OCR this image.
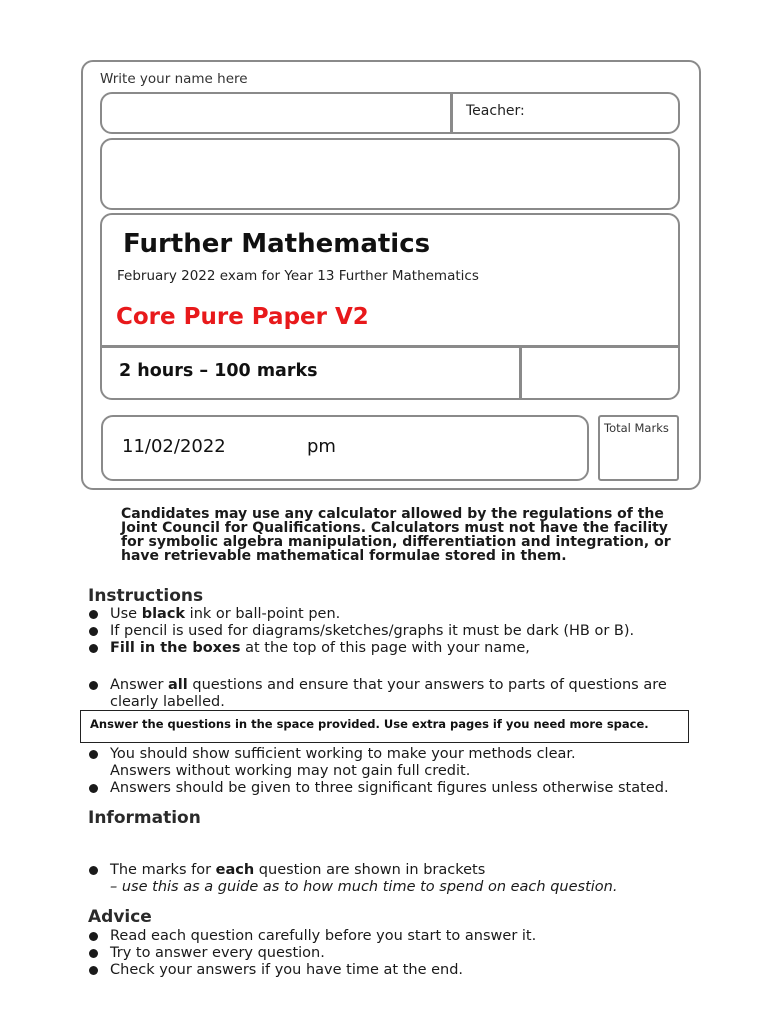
Write your name here
Teacher:
Further Mathematics
February 2022 exam for Year 13 Further Mathematics
Core Pure Paper V2
2 hours – 100 marks
11/02/2022	pm
Total Marks
Candidates may use any calculator allowed by the regulations of the
Joint Council for Qualifications. Calculators must not have the facility
for symbolic algebra manipulation, differentiation and integration, or
have retrievable mathematical formulae stored in them.
Instructions
Use black ink or ball-point pen.
If pencil is used for diagrams/sketches/graphs it must be dark (HB or B).
Fill in the boxes at the top of this page with your name,
Answer all questions and ensure that your answers to parts of questions are
clearly labelled.
Answer the questions in the space provided. Use extra pages if you need more space.
You should show sufficient working to make your methods clear.
Answers without working may not gain full credit.
Answers should be given to three significant figures unless otherwise stated.
Information
The marks for each question are shown in brackets
– use this as a guide as to how much time to spend on each question.
Advice
Read each question carefully before you start to answer it.
Try to answer every question.
Check your answers if you have time at the end.
